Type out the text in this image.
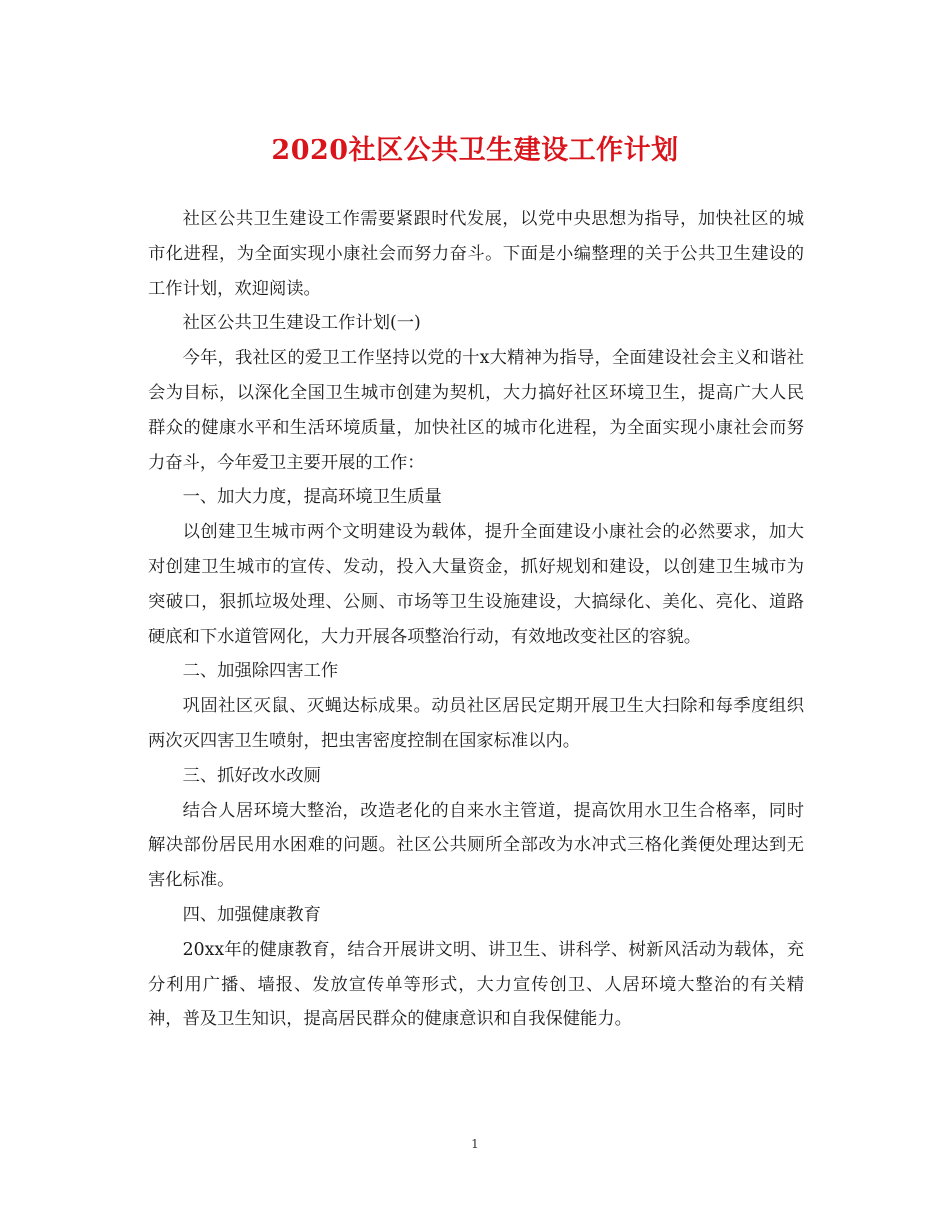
2020社区公共卫生建设工作计划

社区公共卫生建设工作需要紧跟时代发展，以党中央思想为指导，加快社区的城市化进程，为全面实现小康社会而努力奋斗。下面是小编整理的关于公共卫生建设的工作计划，欢迎阅读。

社区公共卫生建设工作计划(一)

今年，我社区的爱卫工作坚持以党的十x大精神为指导，全面建设社会主义和谐社会为目标，以深化全国卫生城市创建为契机，大力搞好社区环境卫生，提高广大人民群众的健康水平和生活环境质量，加快社区的城市化进程，为全面实现小康社会而努力奋斗，今年爱卫主要开展的工作：

一、加大力度，提高环境卫生质量

以创建卫生城市两个文明建设为载体，提升全面建设小康社会的必然要求，加大对创建卫生城市的宣传、发动，投入大量资金，抓好规划和建设，以创建卫生城市为突破口，狠抓垃圾处理、公厕、市场等卫生设施建设，大搞绿化、美化、亮化、道路硬底和下水道管网化，大力开展各项整治行动，有效地改变社区的容貌。

二、加强除四害工作

巩固社区灭鼠、灭蝇达标成果。动员社区居民定期开展卫生大扫除和每季度组织两次灭四害卫生喷射，把虫害密度控制在国家标准以内。

三、抓好改水改厕

结合人居环境大整治，改造老化的自来水主管道，提高饮用水卫生合格率，同时解决部份居民用水困难的问题。社区公共厕所全部改为水冲式三格化粪便处理达到无害化标准。

四、加强健康教育

20xx年的健康教育，结合开展讲文明、讲卫生、讲科学、树新风活动为载体，充分利用广播、墙报、发放宣传单等形式，大力宣传创卫、人居环境大整治的有关精神，普及卫生知识，提高居民群众的健康意识和自我保健能力。

1
